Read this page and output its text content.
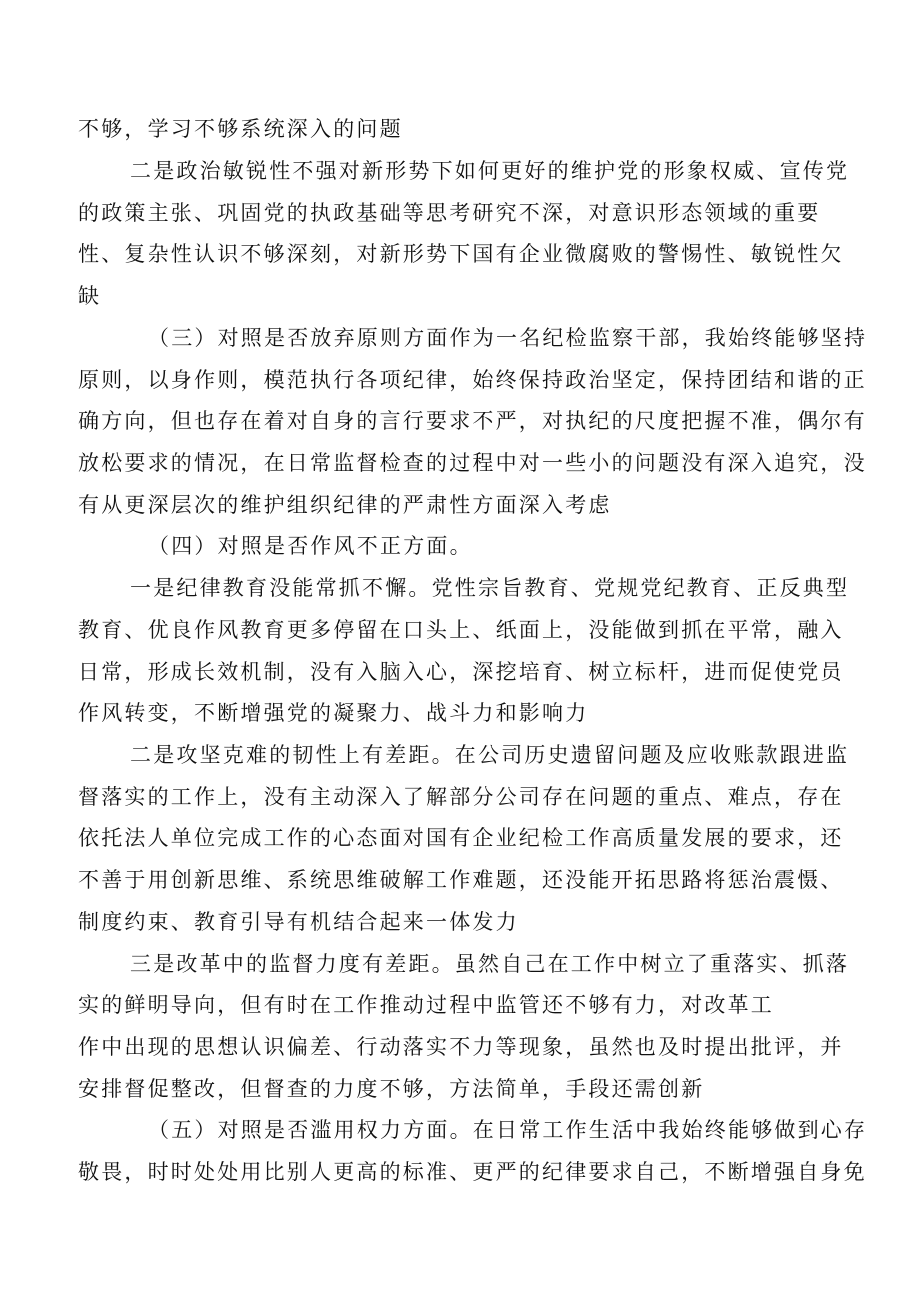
不够，学习不够系统深入的问题
二是政治敏锐性不强对新形势下如何更好的维护党的形象权威、宣传党
的政策主张、巩固党的执政基础等思考研究不深，对意识形态领域的重要
性、复杂性认识不够深刻，对新形势下国有企业微腐败的警惕性、敏锐性欠
缺
（三）对照是否放弃原则方面作为一名纪检监察干部，我始终能够坚持
原则，以身作则，模范执行各项纪律，始终保持政治坚定，保持团结和谐的正
确方向，但也存在着对自身的言行要求不严，对执纪的尺度把握不准，偶尔有
放松要求的情况，在日常监督检查的过程中对一些小的问题没有深入追究，没
有从更深层次的维护组织纪律的严肃性方面深入考虑
（四）对照是否作风不正方面。
一是纪律教育没能常抓不懈。党性宗旨教育、党规党纪教育、正反典型
教育、优良作风教育更多停留在口头上、纸面上，没能做到抓在平常，融入
日常，形成长效机制，没有入脑入心，深挖培育、树立标杆，进而促使党员
作风转变，不断增强党的凝聚力、战斗力和影响力
二是攻坚克难的韧性上有差距。在公司历史遗留问题及应收账款跟进监
督落实的工作上，没有主动深入了解部分公司存在问题的重点、难点，存在
依托法人单位完成工作的心态面对国有企业纪检工作高质量发展的要求，还
不善于用创新思维、系统思维破解工作难题，还没能开拓思路将惩治震慑、
制度约束、教育引导有机结合起来一体发力
三是改革中的监督力度有差距。虽然自己在工作中树立了重落实、抓落
实的鲜明导向，但有时在工作推动过程中监管还不够有力，对改革工
作中出现的思想认识偏差、行动落实不力等现象，虽然也及时提出批评，并
安排督促整改，但督查的力度不够，方法简单，手段还需创新
（五）对照是否滥用权力方面。在日常工作生活中我始终能够做到心存
敬畏，时时处处用比别人更高的标准、更严的纪律要求自己，不断增强自身免
